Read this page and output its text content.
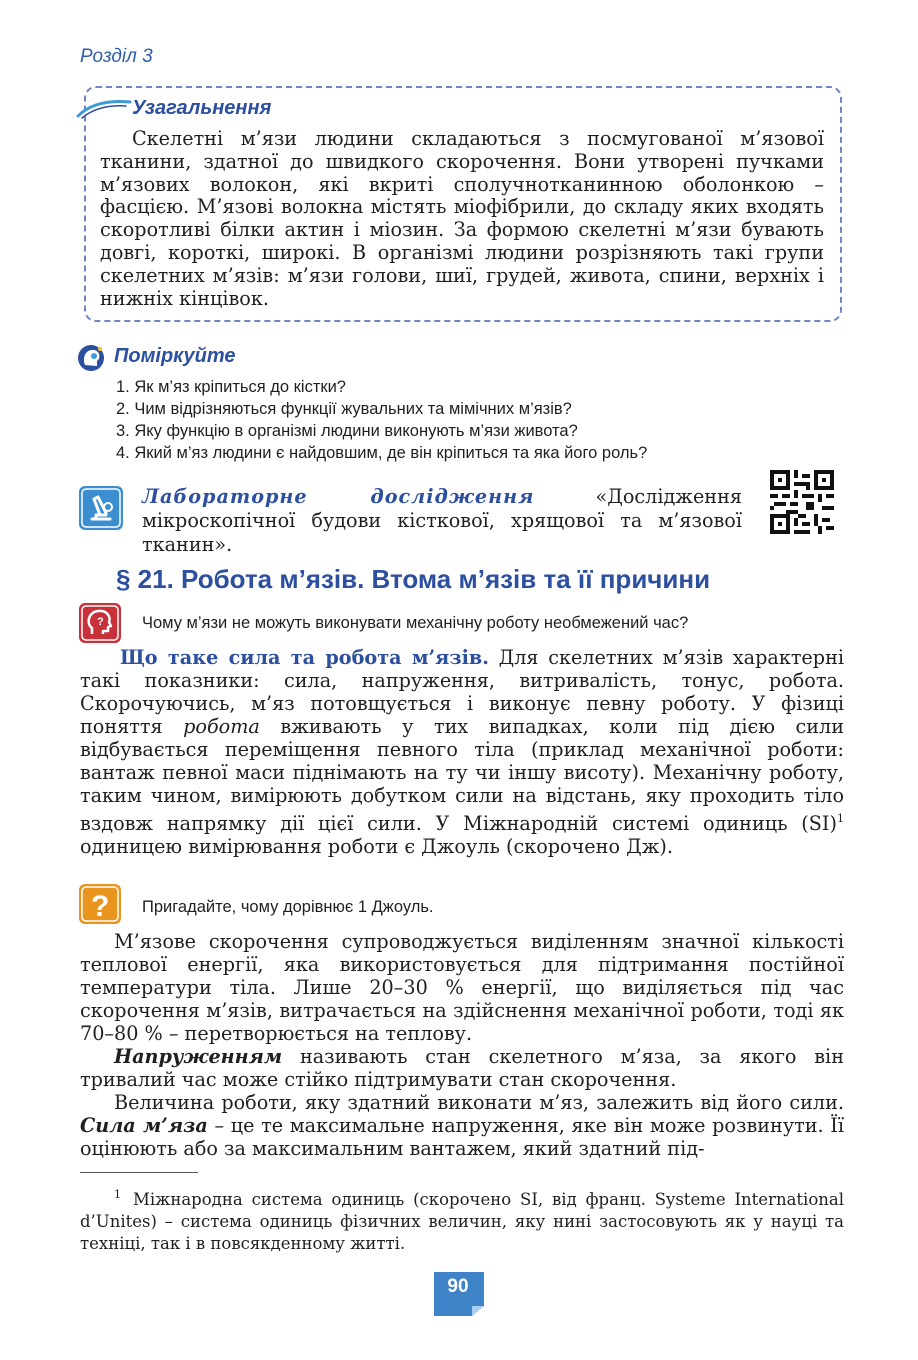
Розділ 3
Узагальнення

Скелетні м’язи людини складаються з посмугованої м’язової тканини, здатної до швидкого скорочення. Вони утворені пучками м’язових волокон, які вкриті сполучнотканинною оболонкою – фасцією. М’язові волокна містять міофібрили, до складу яких входять скоротливі білки актин і міозин. За формою скелетні м’язи бувають довгі, короткі, широкі. В організмі людини розрізняють такі групи скелетних м’язів: м’язи голови, шиї, грудей, живота, спини, верхніх і нижніх кінцівок.

Поміркуйте
1. Як м’яз кріпиться до кістки?
2. Чим відрізняються функції жувальних та мімічних м’язів?
3. Яку функцію в організмі людини виконують м’язи живота?
4. Який м’яз людини є найдовшим, де він кріпиться та яка його роль?

Лабораторне дослідження «Дослідження мікроскопічної будови кісткової, хрящової та м’язової тканин».

§ 21. Робота м’язів. Втома м’язів та її причини
? Чому м’язи не можуть виконувати механічну роботу необмежений час?

Що таке сила та робота м’язів. Для скелетних м’язів характерні такі показники: сила, напруження, витривалість, тонус, робота. Скорочуючись, м’яз потовщується і виконує певну роботу. У фізиці поняття робота вживають у тих випадках, коли під дією сили відбувається переміщення певного тіла (приклад механічної роботи: вантаж певної маси піднімають на ту чи іншу висоту). Механічну роботу, таким чином, вимірюють добутком сили на відстань, яку проходить тіло вздовж напрямку дії цієї сили. У Міжнародній системі одиниць (SI)$^1$ одиницею вимірювання роботи є Джоуль (скорочено Дж).

? Пригадайте, чому дорівнює 1 Джоуль.

М’язове скорочення супроводжується виділенням значної кількості теплової енергії, яка використовується для підтримання постійної температури тіла. Лише 20–30 % енергії, що виділяється під час скорочення м’язів, витрачається на здійснення механічної роботи, тоді як 70–80 % – перетворюється на теплову.

Напруженням називають стан скелетного м’яза, за якого він тривалий час може стійко підтримувати стан скорочення.

Величина роботи, яку здатний виконати м’яз, залежить від його сили. Сила м’яза – це те максимальне напруження, яке він може розвинути. Її оцінюють або за максимальним вантажем, який здатний під-

$^1$ Міжнародна система одиниць (скорочено SI, від франц. Systeme International d’Unites) – система одиниць фізичних величин, яку нині застосовують як у науці та техніці, так і в повсякденному житті.

90
